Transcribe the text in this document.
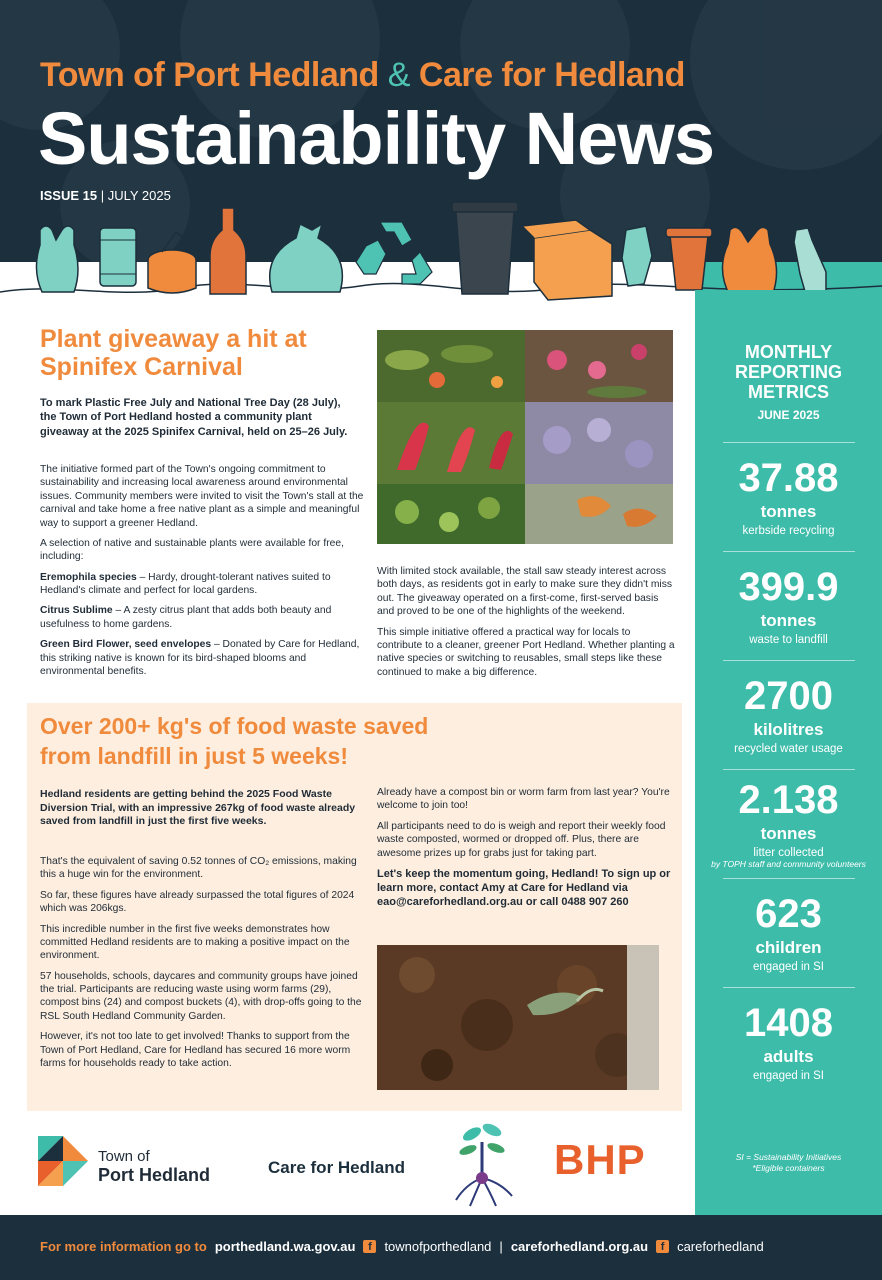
Town of Port Hedland & Care for Hedland
Sustainability News
ISSUE 15 | JULY 2025
MONTHLY REPORTING METRICS
JUNE 2025
37.88
tonnes
kerbside recycling
399.9
tonnes
waste to landfill
2700
kilolitres
recycled water usage
2.138
tonnes
litter collected
by TOPH staff and community volunteers
623
children
engaged in SI
1408
adults
engaged in SI
SI = Sustainability Initiatives
*Eligible containers
Plant giveaway a hit at Spinifex Carnival

To mark Plastic Free July and National Tree Day (28 July), the Town of Port Hedland hosted a community plant giveaway at the 2025 Spinifex Carnival, held on 25–26 July.

The initiative formed part of the Town's ongoing commitment to sustainability and increasing local awareness around environmental issues. Community members were invited to visit the Town's stall at the carnival and take home a free native plant as a simple and meaningful way to support a greener Hedland.

A selection of native and sustainable plants were available for free, including:

Eremophila species – Hardy, drought-tolerant natives suited to Hedland's climate and perfect for local gardens.

Citrus Sublime – A zesty citrus plant that adds both beauty and usefulness to home gardens.

Green Bird Flower, seed envelopes – Donated by Care for Hedland, this striking native is known for its bird-shaped blooms and environmental benefits.

With limited stock available, the stall saw steady interest across both days, as residents got in early to make sure they didn't miss out. The giveaway operated on a first-come, first-served basis and proved to be one of the highlights of the weekend.

This simple initiative offered a practical way for locals to contribute to a cleaner, greener Port Hedland. Whether planting a native species or switching to reusables, small steps like these continued to make a big difference.

Over 200+ kg's of food waste saved
from landfill in just 5 weeks!

Hedland residents are getting behind the 2025 Food Waste Diversion Trial, with an impressive 267kg of food waste already saved from landfill in just the first five weeks.

That's the equivalent of saving 0.52 tonnes of CO₂ emissions, making this a huge win for the environment.

So far, these figures have already surpassed the total figures of 2024 which was 206kgs.

This incredible number in the first five weeks demonstrates how committed Hedland residents are to making a positive impact on the environment.

57 households, schools, daycares and community groups have joined the trial. Participants are reducing waste using worm farms (29), compost bins (24) and compost buckets (4), with drop-offs going to the RSL South Hedland Community Garden.

However, it's not too late to get involved! Thanks to support from the Town of Port Hedland, Care for Hedland has secured 16 more worm farms for households ready to take action.

Already have a compost bin or worm farm from last year? You're welcome to join too!

All participants need to do is weigh and report their weekly food waste composted, wormed or dropped off. Plus, there are awesome prizes up for grabs just for taking part.

Let's keep the momentum going, Hedland! To sign up or learn more, contact Amy at Care for Hedland via eao@careforhedland.org.au or call 0488 907 260

Town of
Port Hedland	Care for Hedland	BHP
For more information go to porthedland.wa.gov.au	f townofporthedland | careforhedland.org.au	f careforhedland
